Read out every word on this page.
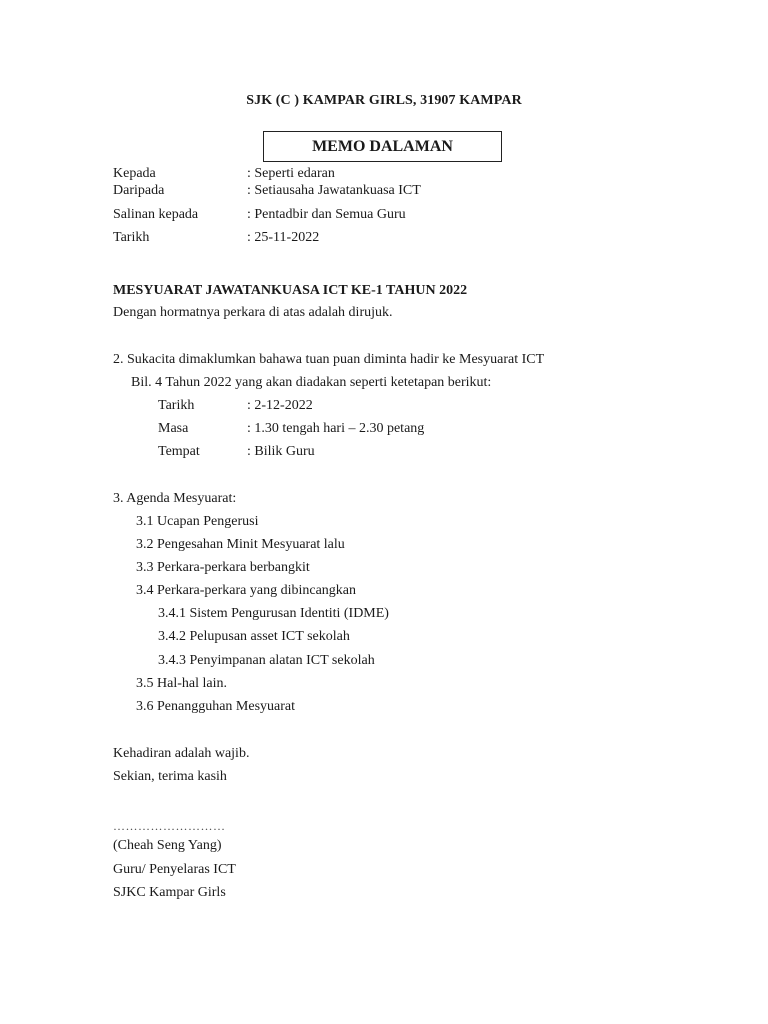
SJK (C ) KAMPAR GIRLS, 31907 KAMPAR
MEMO DALAMAN
Kepada	: Seperti edaran
Daripada	: Setiausaha Jawatankuasa ICT
Salinan kepada	: Pentadbir dan Semua Guru
Tarikh	: 25-11-2022
MESYUARAT JAWATANKUASA ICT KE-1 TAHUN 2022
Dengan hormatnya perkara di atas adalah dirujuk.
2. Sukacita dimaklumkan bahawa tuan puan diminta hadir ke Mesyuarat ICT
Bil. 4 Tahun 2022 yang akan diadakan seperti ketetapan berikut:
Tarikh	: 2-12-2022
Masa	: 1.30 tengah hari – 2.30 petang
Tempat	: Bilik Guru
3. Agenda Mesyuarat:
3.1 Ucapan Pengerusi
3.2 Pengesahan Minit Mesyuarat lalu
3.3 Perkara-perkara berbangkit
3.4 Perkara-perkara yang dibincangkan
3.4.1 Sistem Pengurusan Identiti (IDME)
3.4.2 Pelupusan asset ICT sekolah
3.4.3 Penyimpanan alatan ICT sekolah
3.5 Hal-hal lain.
3.6 Penangguhan Mesyuarat
Kehadiran adalah wajib.
Sekian, terima kasih
………………………
(Cheah Seng Yang)
Guru/ Penyelaras ICT
SJKC Kampar Girls
